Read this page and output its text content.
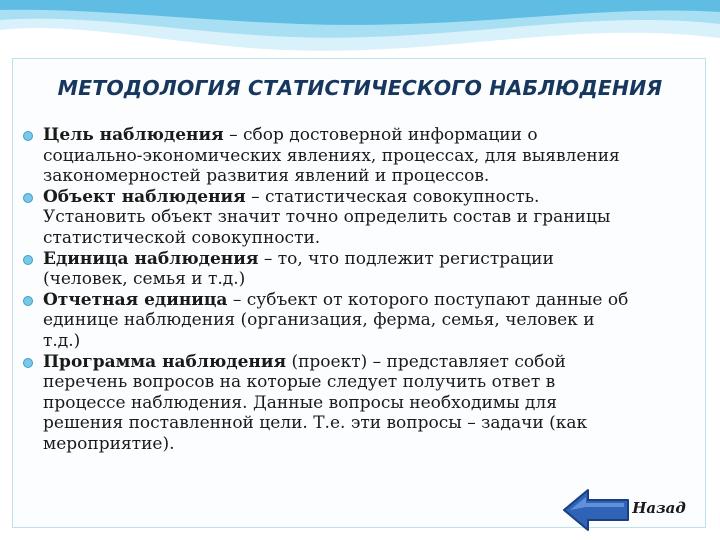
МЕТОДОЛОГИЯ СТАТИСТИЧЕСКОГО НАБЛЮДЕНИЯ
Цель наблюдения – сбор достоверной информации о
социально-экономических явлениях, процессах, для выявления
закономерностей развития явлений и процессов.
Объект наблюдения – статистическая совокупность.
Установить объект значит точно определить состав и границы
статистической совокупности.
Единица наблюдения – то, что подлежит регистрации
(человек, семья и т.д.)
Отчетная единица – субъект от которого поступают данные об
единице наблюдения (организация, ферма, семья, человек и
т.д.)
Программа наблюдения (проект) – представляет собой
перечень вопросов на которые следует получить ответ в
процессе наблюдения. Данные вопросы необходимы для
решения поставленной цели. Т.е. эти вопросы – задачи (как
мероприятие).
Назад
